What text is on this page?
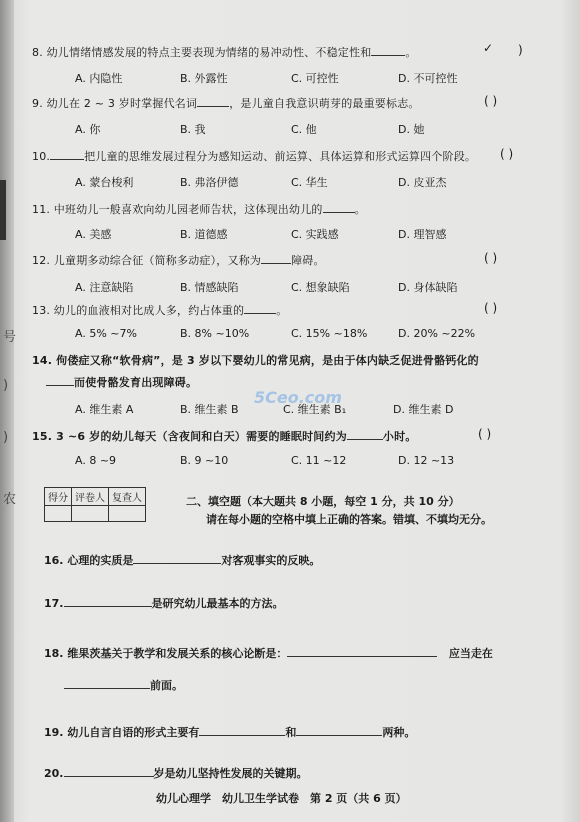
号
)
)
农
8. 幼儿情绪情感发展的特点主要表现为情绪的易冲动性、不稳定性和	。	✓ )
A. 内隐性	B. 外露性	C. 可控性	D. 不可控性
9. 幼儿在 2 ~ 3 岁时掌握代名词	，是儿童自我意识萌芽的最重要标志。	( )
A. 你	B. 我	C. 他	D. 她
10.	把儿童的思维发展过程分为感知运动、前运算、具体运算和形式运算四个阶段。 ( )
A. 蒙台梭利	B. 弗洛伊德	C. 华生	D. 皮亚杰
11. 中班幼儿一般喜欢向幼儿园老师告状，这体现出幼儿的	。
A. 美感	B. 道德感	C. 实践感	D. 理智感
12. 儿童期多动综合征（简称多动症），又称为	障碍。	( )
A. 注意缺陷	B. 情感缺陷	C. 想象缺陷	D. 身体缺陷
13. 幼儿的血液相对比成人多，约占体重的	。	( )
A. 5% ~7%	B. 8% ~10%	C. 15% ~18%	D. 20% ~22%
14. 佝偻症又称“软骨病”，是 3 岁以下婴幼儿的常见病，是由于体内缺乏促进骨骼钙化的
而使骨骼发育出现障碍。
A. 维生素 A	B. 维生素 B	C. 维生素 B₁	D. 维生素 D
5Ceo.com
15. 3 ~6 岁的幼儿每天（含夜间和白天）需要的睡眠时间约为	小时。	( )
A. 8 ~9	B. 9 ~10	C. 11 ~12	D. 12 ~13
得分	评卷人	复查人
			二、填空题（本大题共 8 小题，每空 1 分，共 10 分）
请在每小题的空格中填上正确的答案。错填、不填均无分。
16. 心理的实质是	对客观事实的反映。
17.	是研究幼儿最基本的方法。
18. 维果茨基关于教学和发展关系的核心论断是：	应当走在
前面。
19. 幼儿自言自语的形式主要有	和	两种。
20.	岁是幼儿坚持性发展的关键期。
幼儿心理学　幼儿卫生学试卷　第 2 页（共 6 页）
